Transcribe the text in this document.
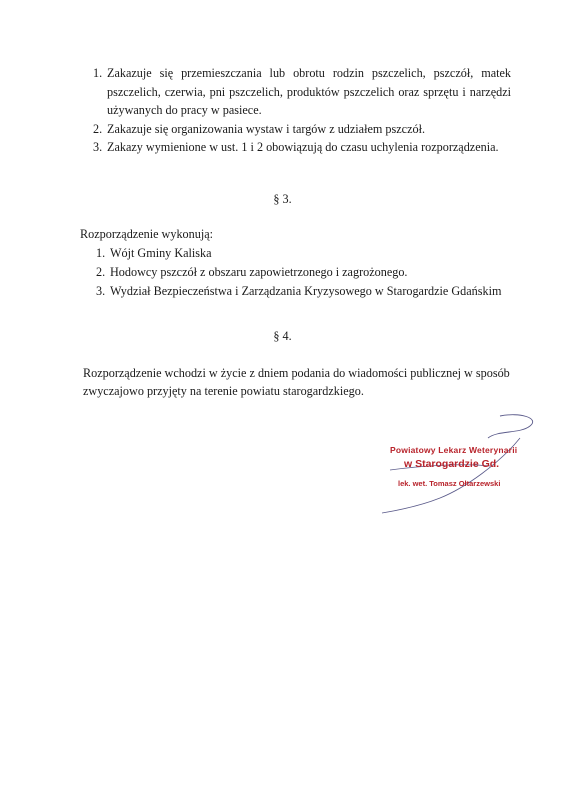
1. Zakazuje się przemieszczania lub obrotu rodzin pszczelich, pszczół, matek pszczelich, czerwia, pni pszczelich, produktów pszczelich oraz sprzętu i narzędzi używanych do pracy w pasiece.
2. Zakazuje się organizowania wystaw i targów z udziałem pszczół.
3. Zakazy wymienione w ust. 1 i 2 obowiązują do czasu uchylenia rozporządzenia.
§ 3.
Rozporządzenie wykonują:
1. Wójt Gminy Kaliska
2. Hodowcy pszczół z obszaru zapowietrzonego i zagrożonego.
3. Wydział Bezpieczeństwa i Zarządzania Kryzysowego w Starogardzie Gdańskim
§ 4.
Rozporządzenie wchodzi w życie z dniem podania do wiadomości publicznej w sposób zwyczajowo przyjęty na terenie powiatu starogardzkiego.
Powiatowy Lekarz Weterynarii
w Starogardzie Gd.
lek. wet. Tomasz Ołtarzewski
